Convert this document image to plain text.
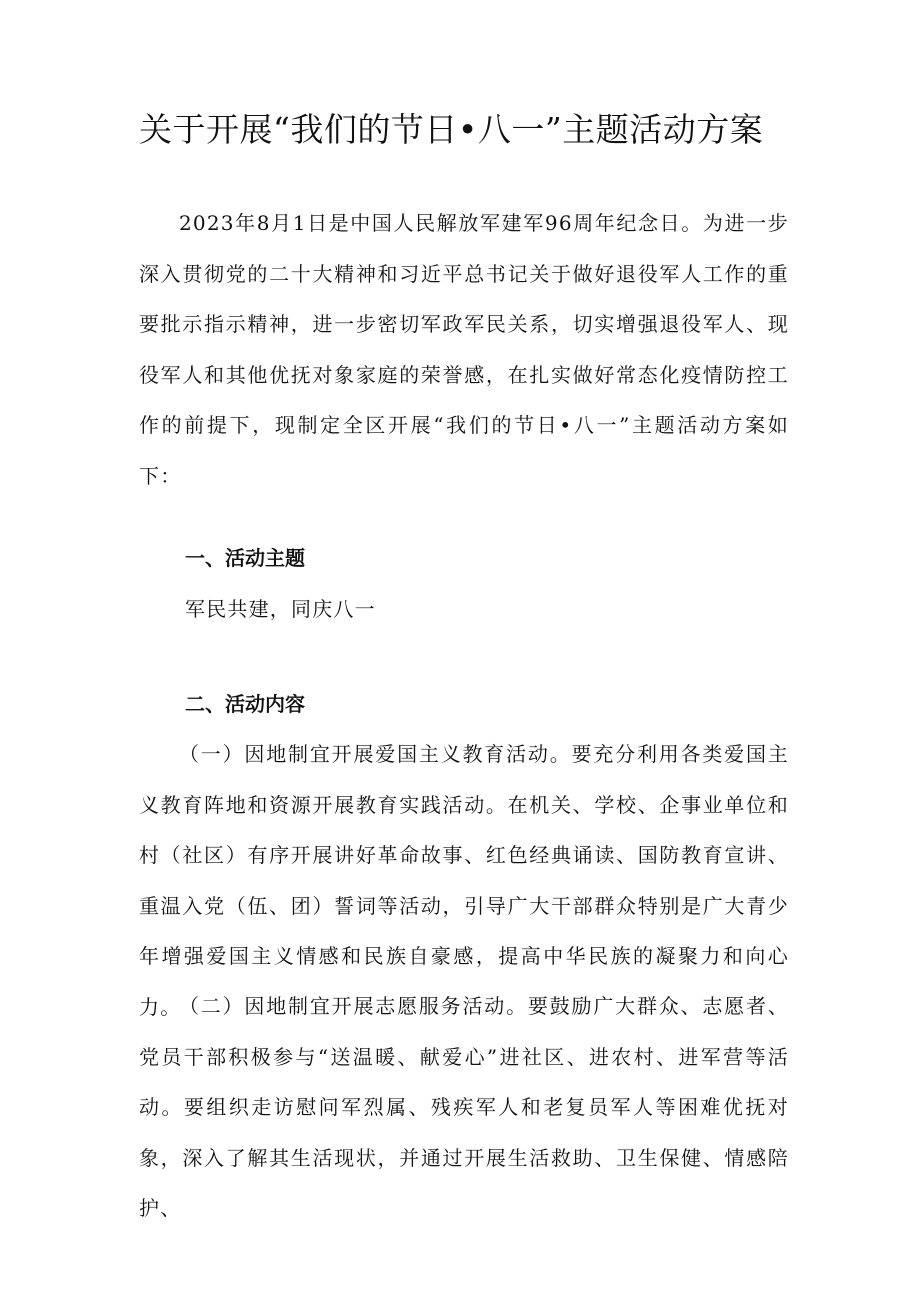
关于开展“我们的节日•八一”主题活动方案

2023年8月1日是中国人民解放军建军96周年纪念日。为进一步深入贯彻党的二十大精神和习近平总书记关于做好退役军人工作的重要批示指示精神，进一步密切军政军民关系，切实增强退役军人、现役军人和其他优抚对象家庭的荣誉感，在扎实做好常态化疫情防控工作的前提下，现制定全区开展“我们的节日•八一”主题活动方案如下：

一、活动主题

军民共建，同庆八一

二、活动内容

（一）因地制宜开展爱国主义教育活动。要充分利用各类爱国主义教育阵地和资源开展教育实践活动。在机关、学校、企事业单位和村（社区）有序开展讲好革命故事、红色经典诵读、国防教育宣讲、重温入党（伍、团）誓词等活动，引导广大干部群众特别是广大青少年增强爱国主义情感和民族自豪感，提高中华民族的凝聚力和向心力。

（二）因地制宜开展志愿服务活动。要鼓励广大群众、志愿者、党员干部积极参与“送温暖、献爱心”进社区、进农村、进军营等活动。要组织走访慰问军烈属、残疾军人和老复员军人等困难优抚对象，深入了解其生活现状，并通过开展生活救助、卫生保健、情感陪护、
